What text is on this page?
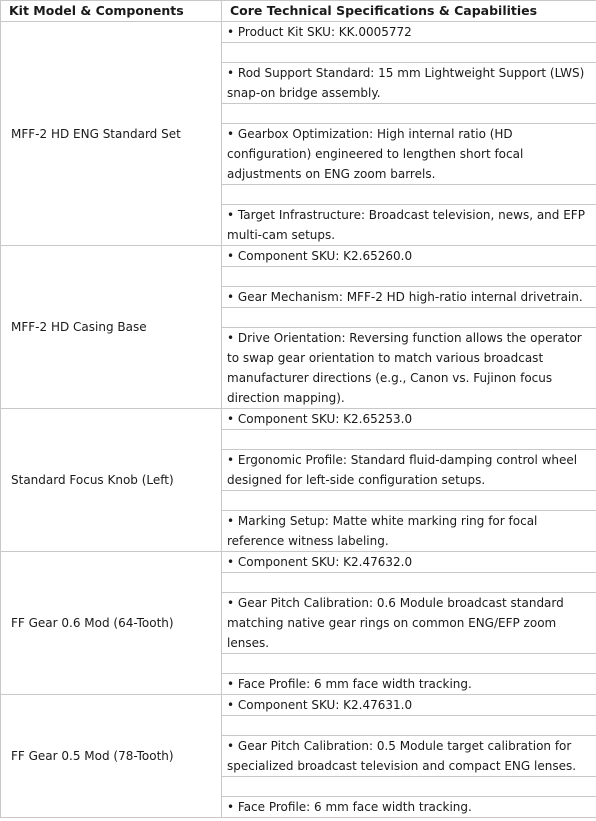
Kit Model & Components	Core Technical Specifications & Capabilities
MFF-2 HD ENG Standard Set	• Product Kit SKU: KK.0005772

	• Rod Support Standard: 15 mm Lightweight Support (LWS) snap-on bridge assembly.

	• Gearbox Optimization: High internal ratio (HD configuration) engineered to lengthen short focal adjustments on ENG zoom barrels.

	• Target Infrastructure: Broadcast television, news, and EFP multi-cam setups.
MFF-2 HD Casing Base	• Component SKU: K2.65260.0

	• Gear Mechanism: MFF-2 HD high-ratio internal drivetrain.

	• Drive Orientation: Reversing function allows the operator to swap gear orientation to match various broadcast manufacturer directions (e.g., Canon vs. Fujinon focus direction mapping).
Standard Focus Knob (Left)	• Component SKU: K2.65253.0

	• Ergonomic Profile: Standard fluid-damping control wheel designed for left-side configuration setups.

	• Marking Setup: Matte white marking ring for focal reference witness labeling.
FF Gear 0.6 Mod (64-Tooth)	• Component SKU: K2.47632.0

	• Gear Pitch Calibration: 0.6 Module broadcast standard matching native gear rings on common ENG/EFP zoom lenses.

	• Face Profile: 6 mm face width tracking.
FF Gear 0.5 Mod (78-Tooth)	• Component SKU: K2.47631.0

	• Gear Pitch Calibration: 0.5 Module target calibration for specialized broadcast television and compact ENG lenses.

	• Face Profile: 6 mm face width tracking.
